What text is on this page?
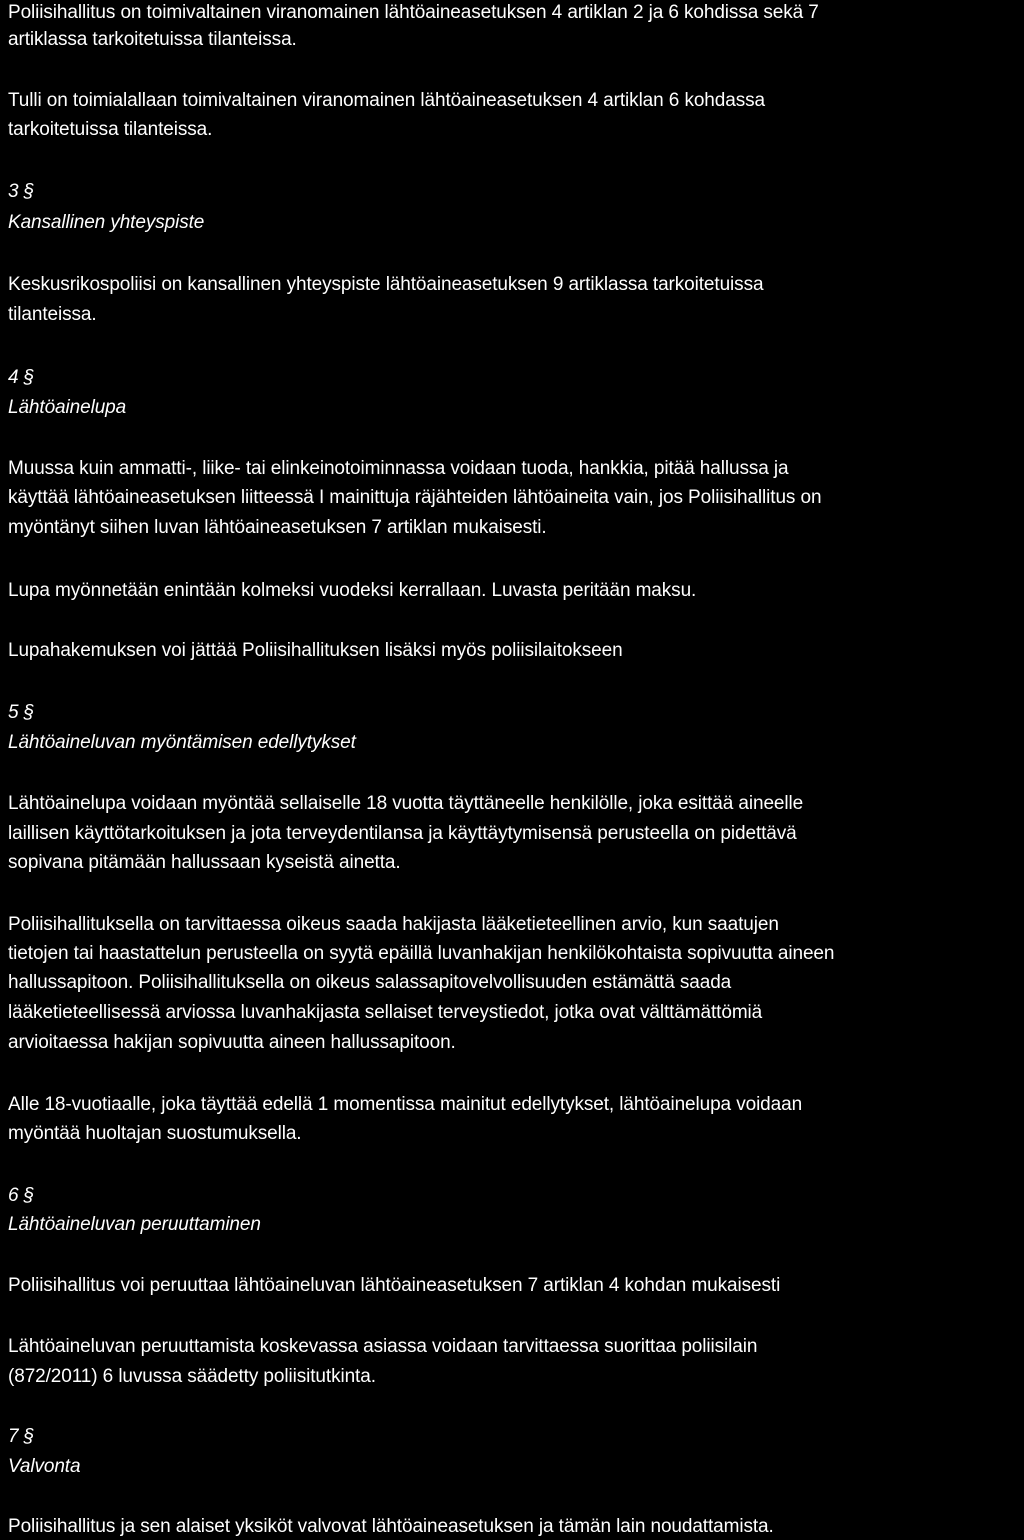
Poliisihallitus on toimivaltainen viranomainen lähtöaineasetuksen 4 artiklan 2 ja 6 kohdissa sekä 7
artiklassa tarkoitetuissa tilanteissa.
Tulli on toimialallaan toimivaltainen viranomainen lähtöaineasetuksen 4 artiklan 6 kohdassa
tarkoitetuissa tilanteissa.
3 §
Kansallinen yhteyspiste
Keskusrikospoliisi on kansallinen yhteyspiste lähtöaineasetuksen 9 artiklassa tarkoitetuissa
tilanteissa.
4 §
Lähtöainelupa
Muussa kuin ammatti-, liike- tai elinkeinotoiminnassa voidaan tuoda, hankkia, pitää hallussa ja
käyttää lähtöaineasetuksen liitteessä I mainittuja räjähteiden lähtöaineita vain, jos Poliisihallitus on
myöntänyt siihen luvan lähtöaineasetuksen 7 artiklan mukaisesti.
Lupa myönnetään enintään kolmeksi vuodeksi kerrallaan. Luvasta peritään maksu.
Lupahakemuksen voi jättää Poliisihallituksen lisäksi myös poliisilaitokseen
5 §
Lähtöaineluvan myöntämisen edellytykset
Lähtöainelupa voidaan myöntää sellaiselle 18 vuotta täyttäneelle henkilölle, joka esittää aineelle
laillisen käyttötarkoituksen ja jota terveydentilansa ja käyttäytymisensä perusteella on pidettävä
sopivana pitämään hallussaan kyseistä ainetta.
Poliisihallituksella on tarvittaessa oikeus saada hakijasta lääketieteellinen arvio, kun saatujen
tietojen tai haastattelun perusteella on syytä epäillä luvanhakijan henkilökohtaista sopivuutta aineen
hallussapitoon. Poliisihallituksella on oikeus salassapitovelvollisuuden estämättä saada
lääketieteellisessä arviossa luvanhakijasta sellaiset terveystiedot, jotka ovat välttämättömiä
arvioitaessa hakijan sopivuutta aineen hallussapitoon.
Alle 18-vuotiaalle, joka täyttää edellä 1 momentissa mainitut edellytykset, lähtöainelupa voidaan
myöntää huoltajan suostumuksella.
6 §
Lähtöaineluvan peruuttaminen
Poliisihallitus voi peruuttaa lähtöaineluvan lähtöaineasetuksen 7 artiklan 4 kohdan mukaisesti
Lähtöaineluvan peruuttamista koskevassa asiassa voidaan tarvittaessa suorittaa poliisilain
(872/2011) 6 luvussa säädetty poliisitutkinta.
7 §
Valvonta
Poliisihallitus ja sen alaiset yksiköt valvovat lähtöaineasetuksen ja tämän lain noudattamista.
